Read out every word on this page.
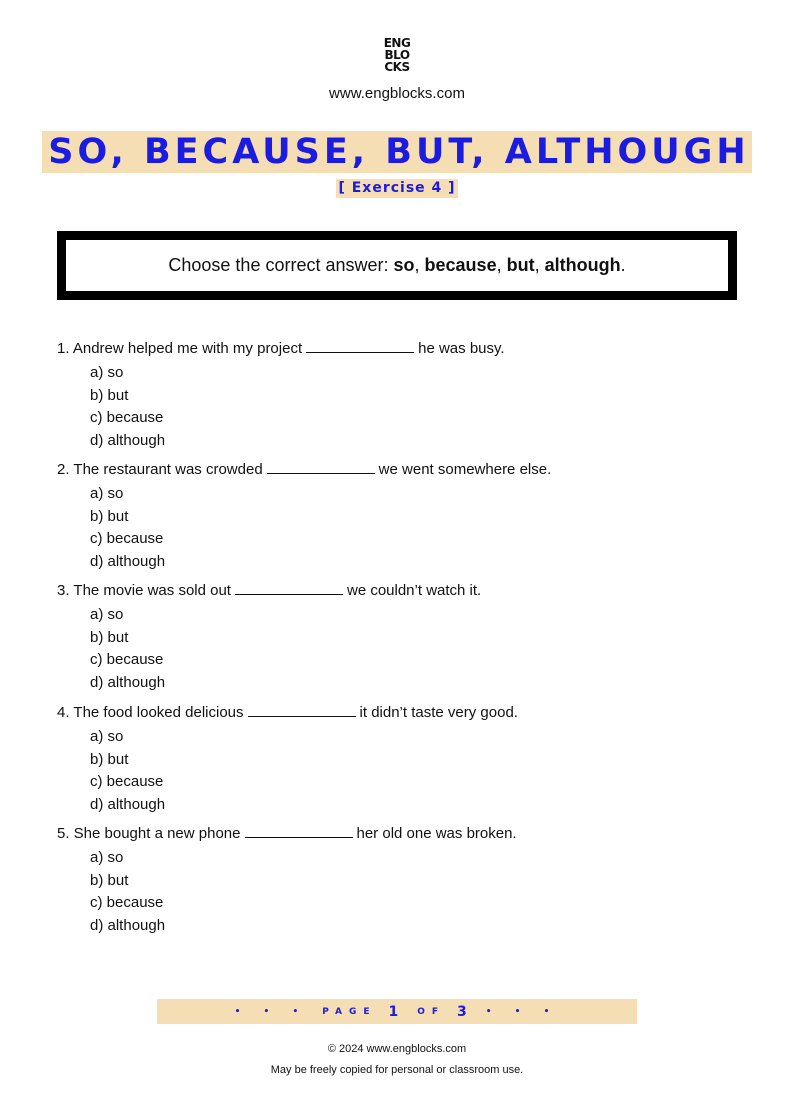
ENG
BLO
CKS
www.engblocks.com
SO, BECAUSE, BUT, ALTHOUGH
[ Exercise 4 ]
Choose the correct answer: so, because, but, although.
1. Andrew helped me with my project	he was busy.
a) so
b) but
c) because
d) although
2. The restaurant was crowded	we went somewhere else.
a) so
b) but
c) because
d) although
3. The movie was sold out	we couldn’t watch it.
a) so
b) but
c) because
d) although
4. The food looked delicious	it didn’t taste very good.
a) so
b) but
c) because
d) although
5. She bought a new phone	her old one was broken.
a) so
b) but
c) because
d) although
• • • PAGE 1 OF 3 • • •
© 2024 www.engblocks.com
May be freely copied for personal or classroom use.
